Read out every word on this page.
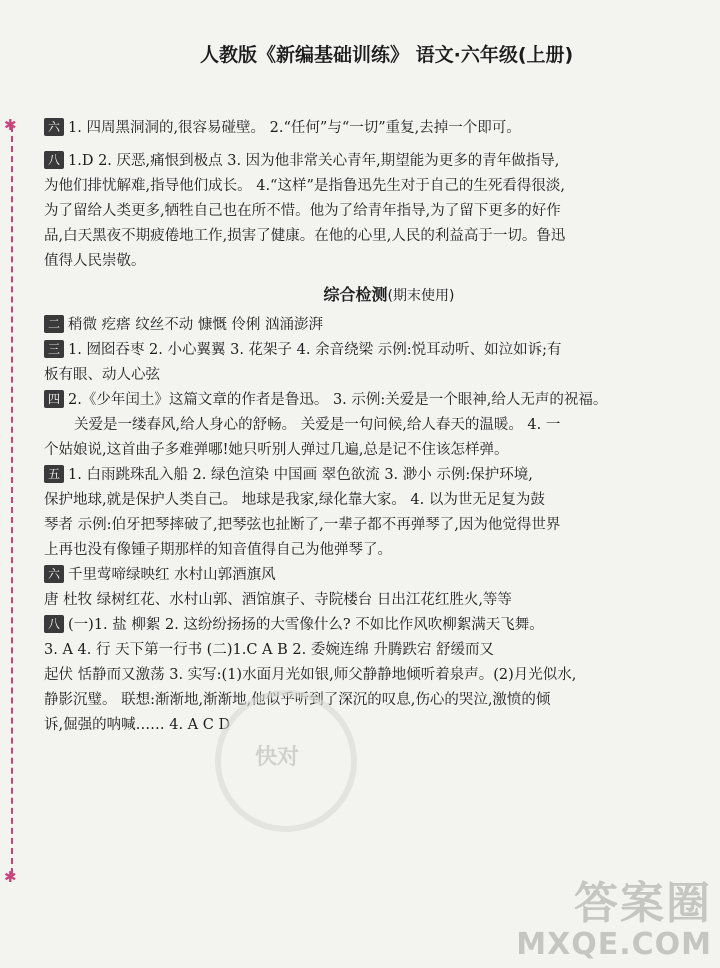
人教版《新编基础训练》 语文·六年级(上册)
✱
✱
六 1. 四周黑洞洞的,很容易碰壁。 2.“任何”与“一切”重复,去掉一个即可。
八 1.D 2. 厌恶,痛恨到极点 3. 因为他非常关心青年,期望能为更多的青年做指导,
为他们排忧解难,指导他们成长。 4.“这样”是指鲁迅先生对于自己的生死看得很淡,
为了留给人类更多,牺牲自己也在所不惜。他为了给青年指导,为了留下更多的好作
品,白天黑夜不期疲倦地工作,损害了健康。在他的心里,人民的利益高于一切。鲁迅
值得人民崇敬。
综合检测(期末使用)
二 稍微 疙瘩 纹丝不动 慷慨 伶俐 汹涌澎湃
三 1. 囫囵吞枣 2. 小心翼翼 3. 花架子 4. 余音绕梁 示例:悦耳动听、如泣如诉;有
板有眼、动人心弦
四 2.《少年闰土》这篇文章的作者是鲁迅。 3. 示例:关爱是一个眼神,给人无声的祝福。
关爱是一缕春风,给人身心的舒畅。 关爱是一句问候,给人春天的温暖。 4. 一
个姑娘说,这首曲子多难弹哪!她只听别人弹过几遍,总是记不住该怎样弹。
五 1. 白雨跳珠乱入船 2. 绿色渲染 中国画 翠色欲流 3. 渺小 示例:保护环境,
保护地球,就是保护人类自己。 地球是我家,绿化靠大家。 4. 以为世无足复为鼓
琴者 示例:伯牙把琴摔破了,把琴弦也扯断了,一辈子都不再弹琴了,因为他觉得世界
上再也没有像锺子期那样的知音值得自己为他弹琴了。
六 千里莺啼绿映红 水村山郭酒旗风
唐 杜牧 绿树红花、水村山郭、酒馆旗子、寺院楼台 日出江花红胜火,等等
八 (一)1. 盐 柳絮 2. 这纷纷扬扬的大雪像什么? 不如比作风吹柳絮满天飞舞。
3. A 4. 行 天下第一行书 (二)1.C A B 2. 委婉连绵 升腾跌宕 舒缓而又
起伏 恬静而又激荡 3. 实写:(1)水面月光如银,师父静静地倾听着泉声。(2)月光似水,
静影沉璧。 联想:渐渐地,渐渐地,他似乎听到了深沉的叹息,伤心的哭泣,激愤的倾
诉,倔强的呐喊…… 4. A C D
快对
答案圈
MXQE.COM
